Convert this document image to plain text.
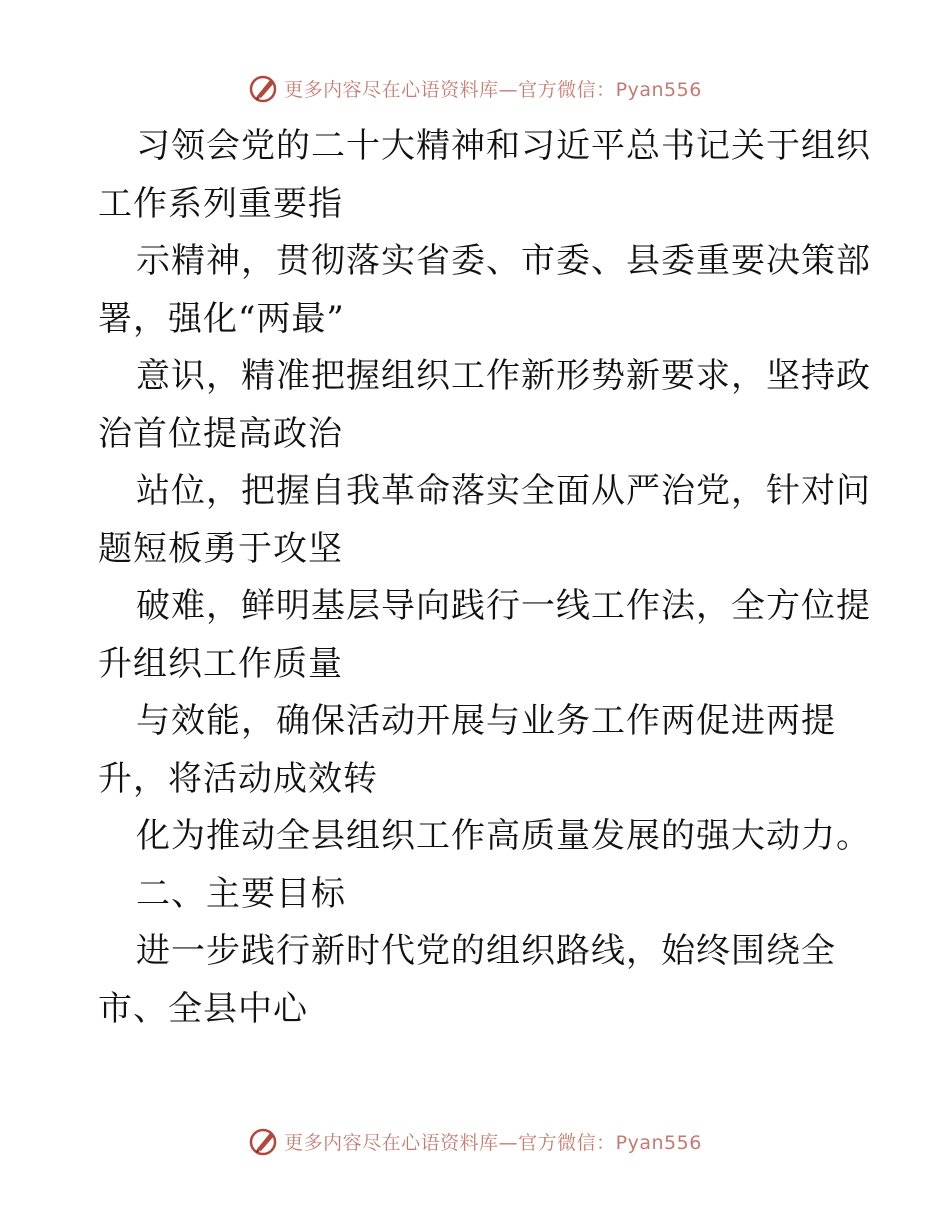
更多内容尽在心语资料库—官方微信：Pyan556
习领会党的二十大精神和习近平总书记关于组织
工作系列重要指
示精神，贯彻落实省委、市委、县委重要决策部
署，强化“两最”
意识，精准把握组织工作新形势新要求，坚持政
治首位提高政治
站位，把握自我革命落实全面从严治党，针对问
题短板勇于攻坚
破难，鲜明基层导向践行一线工作法，全方位提
升组织工作质量
与效能，确保活动开展与业务工作两促进两提
升，将活动成效转
化为推动全县组织工作高质量发展的强大动力。
二、主要目标
进一步践行新时代党的组织路线，始终围绕全
市、全县中心
更多内容尽在心语资料库—官方微信：Pyan556
